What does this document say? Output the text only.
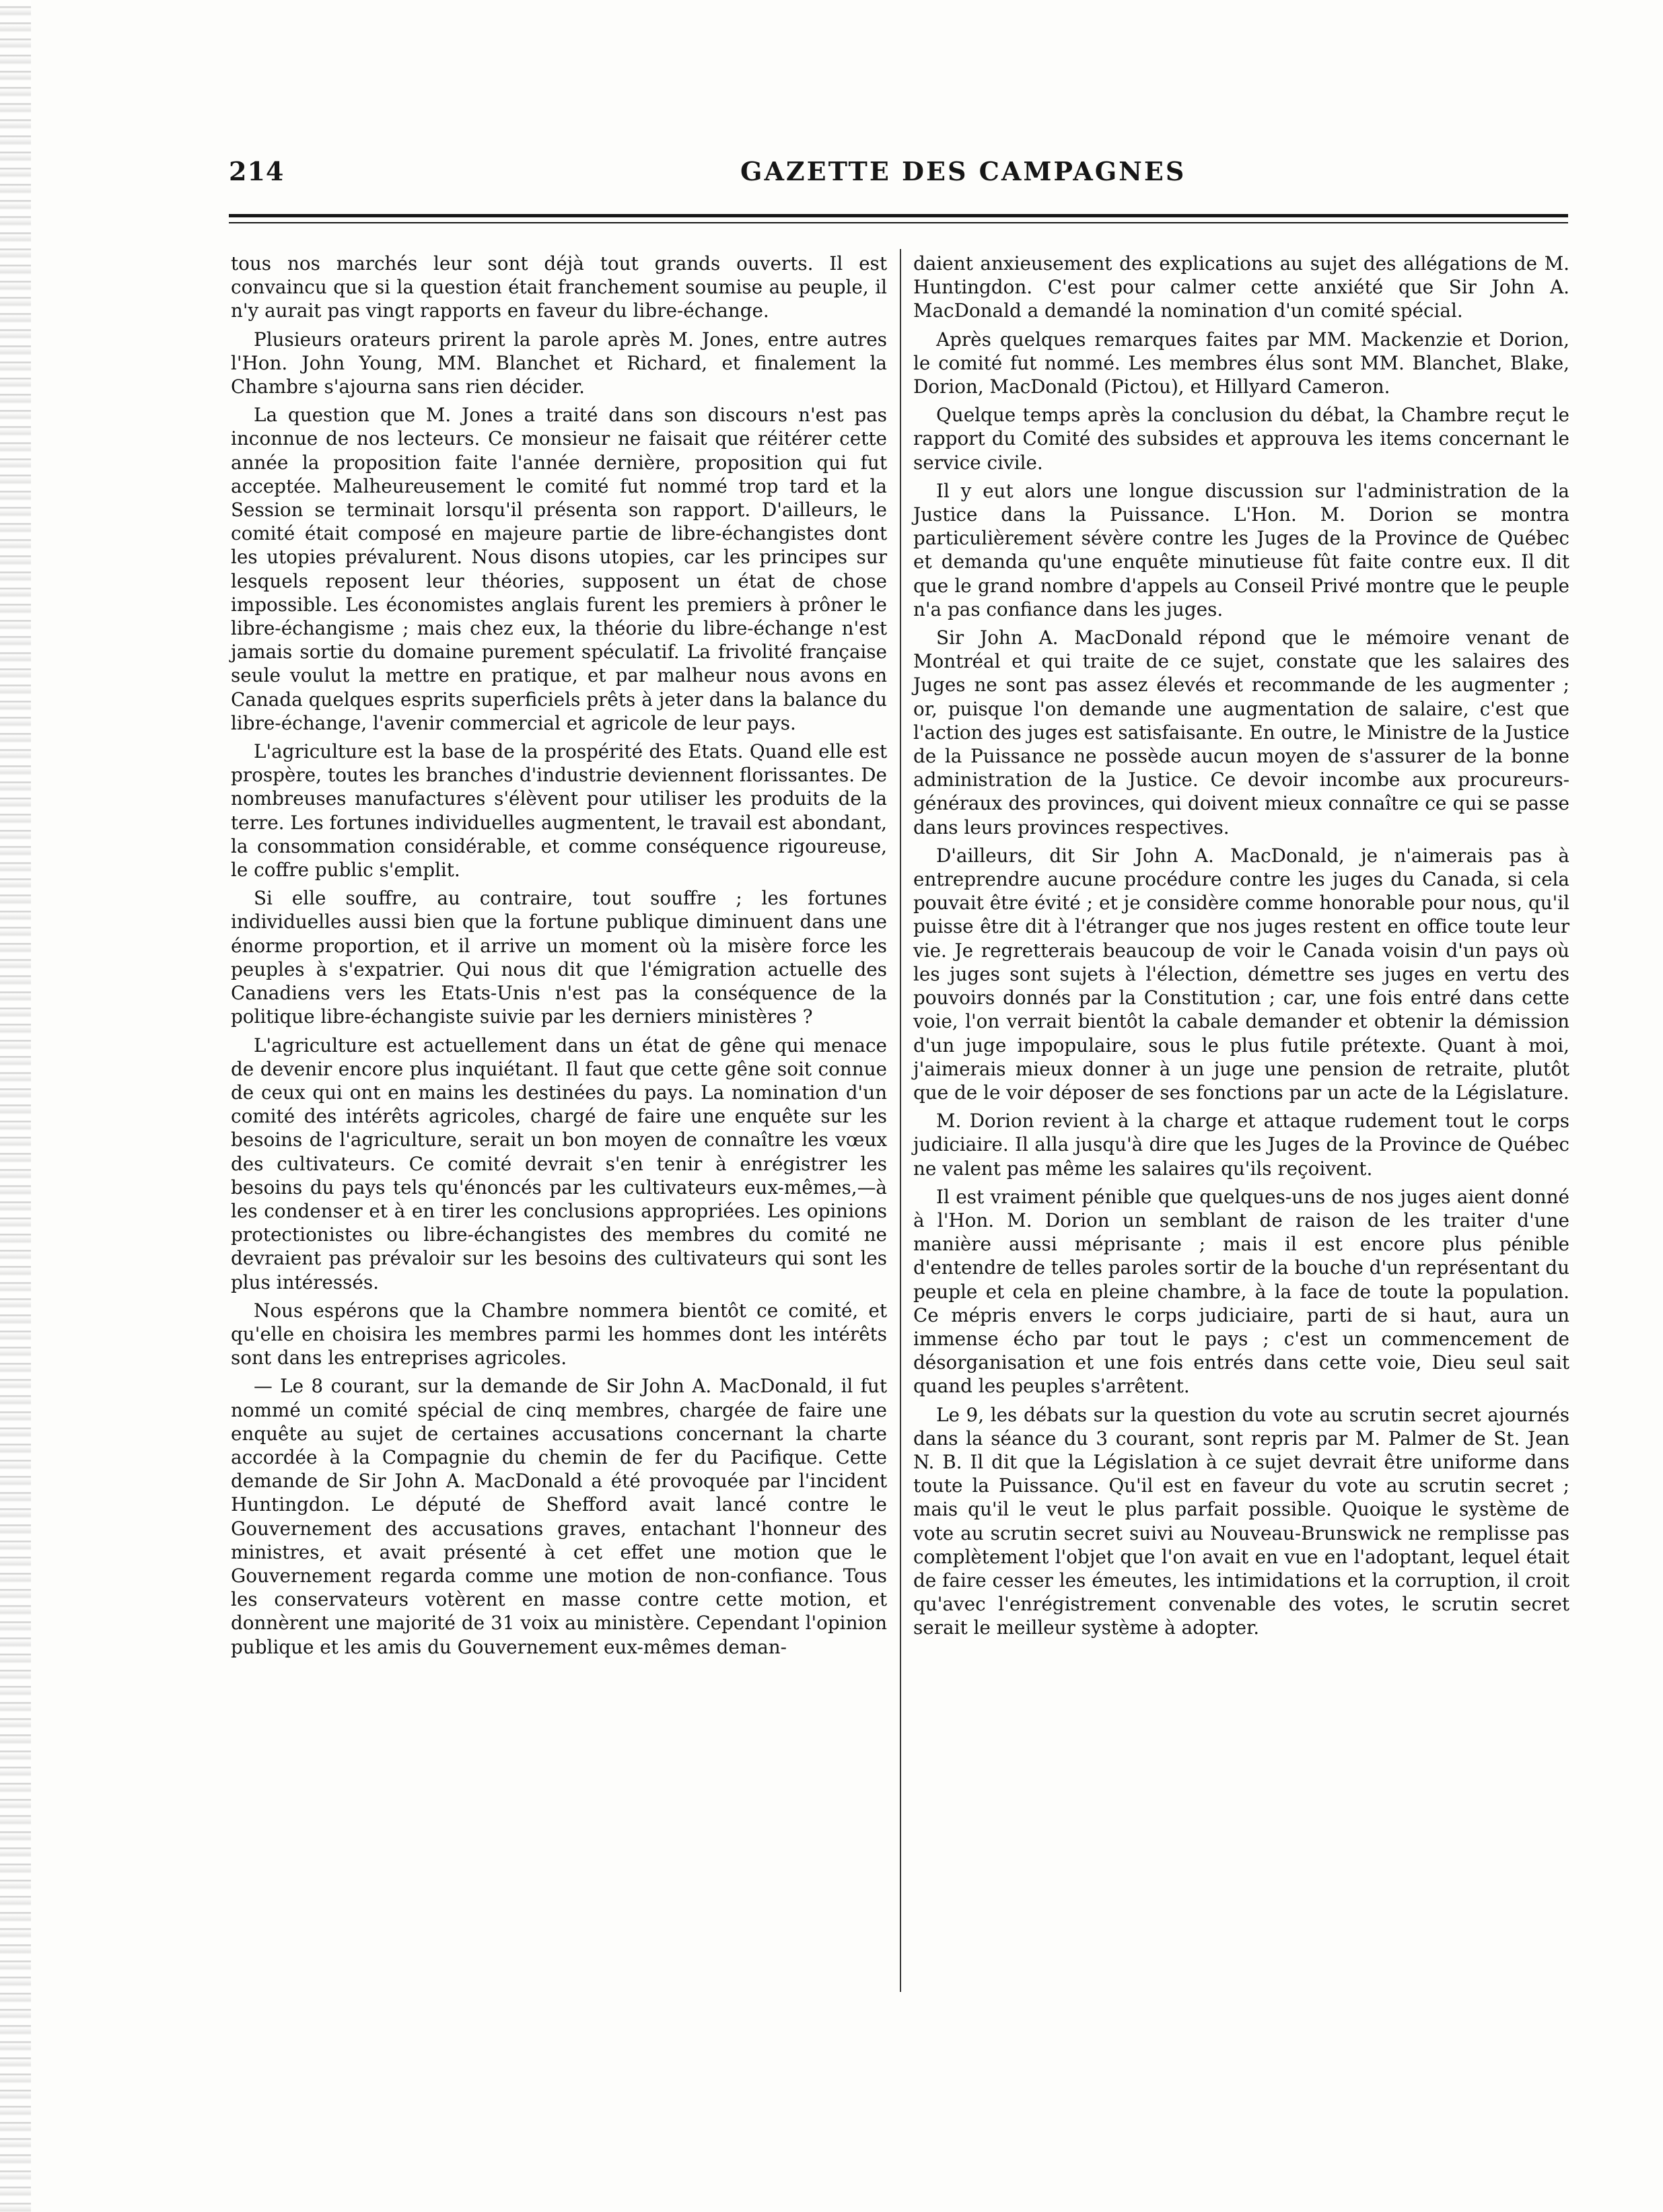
214	GAZETTE DES CAMPAGNES

tous nos marchés leur sont déjà tout grands ouverts. Il est convaincu que si la question était franchement soumise au peuple, il n'y aurait pas vingt rapports en faveur du libre-échange.

Plusieurs orateurs prirent la parole après M. Jones, entre autres l'Hon. John Young, MM. Blanchet et Richard, et finalement la Chambre s'ajourna sans rien décider.

La question que M. Jones a traité dans son discours n'est pas inconnue de nos lecteurs. Ce monsieur ne faisait que réitérer cette année la proposition faite l'année dernière, proposition qui fut acceptée. Malheureusement le comité fut nommé trop tard et la Session se terminait lorsqu'il présenta son rapport. D'ailleurs, le comité était composé en majeure partie de libre-échangistes dont les utopies prévalurent. Nous disons utopies, car les principes sur lesquels reposent leur théories, supposent un état de chose impossible. Les économistes anglais furent les premiers à prôner le libre-échangisme ; mais chez eux, la théorie du libre-échange n'est jamais sortie du domaine purement spéculatif. La frivolité française seule voulut la mettre en pratique, et par malheur nous avons en Canada quelques esprits superficiels prêts à jeter dans la balance du libre-échange, l'avenir commercial et agricole de leur pays.

L'agriculture est la base de la prospérité des Etats. Quand elle est prospère, toutes les branches d'industrie deviennent florissantes. De nombreuses manufactures s'élèvent pour utiliser les produits de la terre. Les fortunes individuelles augmentent, le travail est abondant, la consommation considérable, et comme conséquence rigoureuse, le coffre public s'emplit.

Si elle souffre, au contraire, tout souffre ; les fortunes individuelles aussi bien que la fortune publique diminuent dans une énorme proportion, et il arrive un moment où la misère force les peuples à s'expatrier. Qui nous dit que l'émigration actuelle des Canadiens vers les Etats-Unis n'est pas la conséquence de la politique libre-échangiste suivie par les derniers ministères ?

L'agriculture est actuellement dans un état de gêne qui menace de devenir encore plus inquiétant. Il faut que cette gêne soit connue de ceux qui ont en mains les destinées du pays. La nomination d'un comité des intérêts agricoles, chargé de faire une enquête sur les besoins de l'agriculture, serait un bon moyen de connaître les vœux des cultivateurs. Ce comité devrait s'en tenir à enrégistrer les besoins du pays tels qu'énoncés par les cultivateurs eux-mêmes,—à les condenser et à en tirer les conclusions appropriées. Les opinions protectionistes ou libre-échangistes des membres du comité ne devraient pas prévaloir sur les besoins des cultivateurs qui sont les plus intéressés.

Nous espérons que la Chambre nommera bientôt ce comité, et qu'elle en choisira les membres parmi les hommes dont les intérêts sont dans les entreprises agricoles.

— Le 8 courant, sur la demande de Sir John A. MacDonald, il fut nommé un comité spécial de cinq membres, chargée de faire une enquête au sujet de certaines accusations concernant la charte accordée à la Compagnie du chemin de fer du Pacifique. Cette demande de Sir John A. MacDonald a été provoquée par l'incident Huntingdon. Le député de Shefford avait lancé contre le Gouvernement des accusations graves, entachant l'honneur des ministres, et avait présenté à cet effet une motion que le Gouvernement regarda comme une motion de non-confiance. Tous les conservateurs votèrent en masse contre cette motion, et donnèrent une majorité de 31 voix au ministère. Cependant l'opinion publique et les amis du Gouvernement eux-mêmes deman-

daient anxieusement des explications au sujet des allégations de M. Huntingdon. C'est pour calmer cette anxiété que Sir John A. MacDonald a demandé la nomination d'un comité spécial.

Après quelques remarques faites par MM. Mackenzie et Dorion, le comité fut nommé. Les membres élus sont MM. Blanchet, Blake, Dorion, MacDonald (Pictou), et Hillyard Cameron.

Quelque temps après la conclusion du débat, la Chambre reçut le rapport du Comité des subsides et approuva les items concernant le service civile.

Il y eut alors une longue discussion sur l'administration de la Justice dans la Puissance. L'Hon. M. Dorion se montra particulièrement sévère contre les Juges de la Province de Québec et demanda qu'une enquête minutieuse fût faite contre eux. Il dit que le grand nombre d'appels au Conseil Privé montre que le peuple n'a pas confiance dans les juges.

Sir John A. MacDonald répond que le mémoire venant de Montréal et qui traite de ce sujet, constate que les salaires des Juges ne sont pas assez élevés et recommande de les augmenter ; or, puisque l'on demande une augmentation de salaire, c'est que l'action des juges est satisfaisante. En outre, le Ministre de la Justice de la Puissance ne possède aucun moyen de s'assurer de la bonne administration de la Justice. Ce devoir incombe aux procureurs-généraux des provinces, qui doivent mieux connaître ce qui se passe dans leurs provinces respectives.

D'ailleurs, dit Sir John A. MacDonald, je n'aimerais pas à entreprendre aucune procédure contre les juges du Canada, si cela pouvait être évité ; et je considère comme honorable pour nous, qu'il puisse être dit à l'étranger que nos juges restent en office toute leur vie. Je regretterais beaucoup de voir le Canada voisin d'un pays où les juges sont sujets à l'élection, démettre ses juges en vertu des pouvoirs donnés par la Constitution ; car, une fois entré dans cette voie, l'on verrait bientôt la cabale demander et obtenir la démission d'un juge impopulaire, sous le plus futile prétexte. Quant à moi, j'aimerais mieux donner à un juge une pension de retraite, plutôt que de le voir déposer de ses fonctions par un acte de la Législature.

M. Dorion revient à la charge et attaque rudement tout le corps judiciaire. Il alla jusqu'à dire que les Juges de la Province de Québec ne valent pas même les salaires qu'ils reçoivent.

Il est vraiment pénible que quelques-uns de nos juges aient donné à l'Hon. M. Dorion un semblant de raison de les traiter d'une manière aussi méprisante ; mais il est encore plus pénible d'entendre de telles paroles sortir de la bouche d'un représentant du peuple et cela en pleine chambre, à la face de toute la population. Ce mépris envers le corps judiciaire, parti de si haut, aura un immense écho par tout le pays ; c'est un commencement de désorganisation et une fois entrés dans cette voie, Dieu seul sait quand les peuples s'arrêtent.

Le 9, les débats sur la question du vote au scrutin secret ajournés dans la séance du 3 courant, sont repris par M. Palmer de St. Jean N. B. Il dit que la Législation à ce sujet devrait être uniforme dans toute la Puissance. Qu'il est en faveur du vote au scrutin secret ; mais qu'il le veut le plus parfait possible. Quoique le système de vote au scrutin secret suivi au Nouveau-Brunswick ne remplisse pas complètement l'objet que l'on avait en vue en l'adoptant, lequel était de faire cesser les émeutes, les intimidations et la corruption, il croit qu'avec l'enrégistrement convenable des votes, le scrutin secret serait le meilleur système à adopter.
